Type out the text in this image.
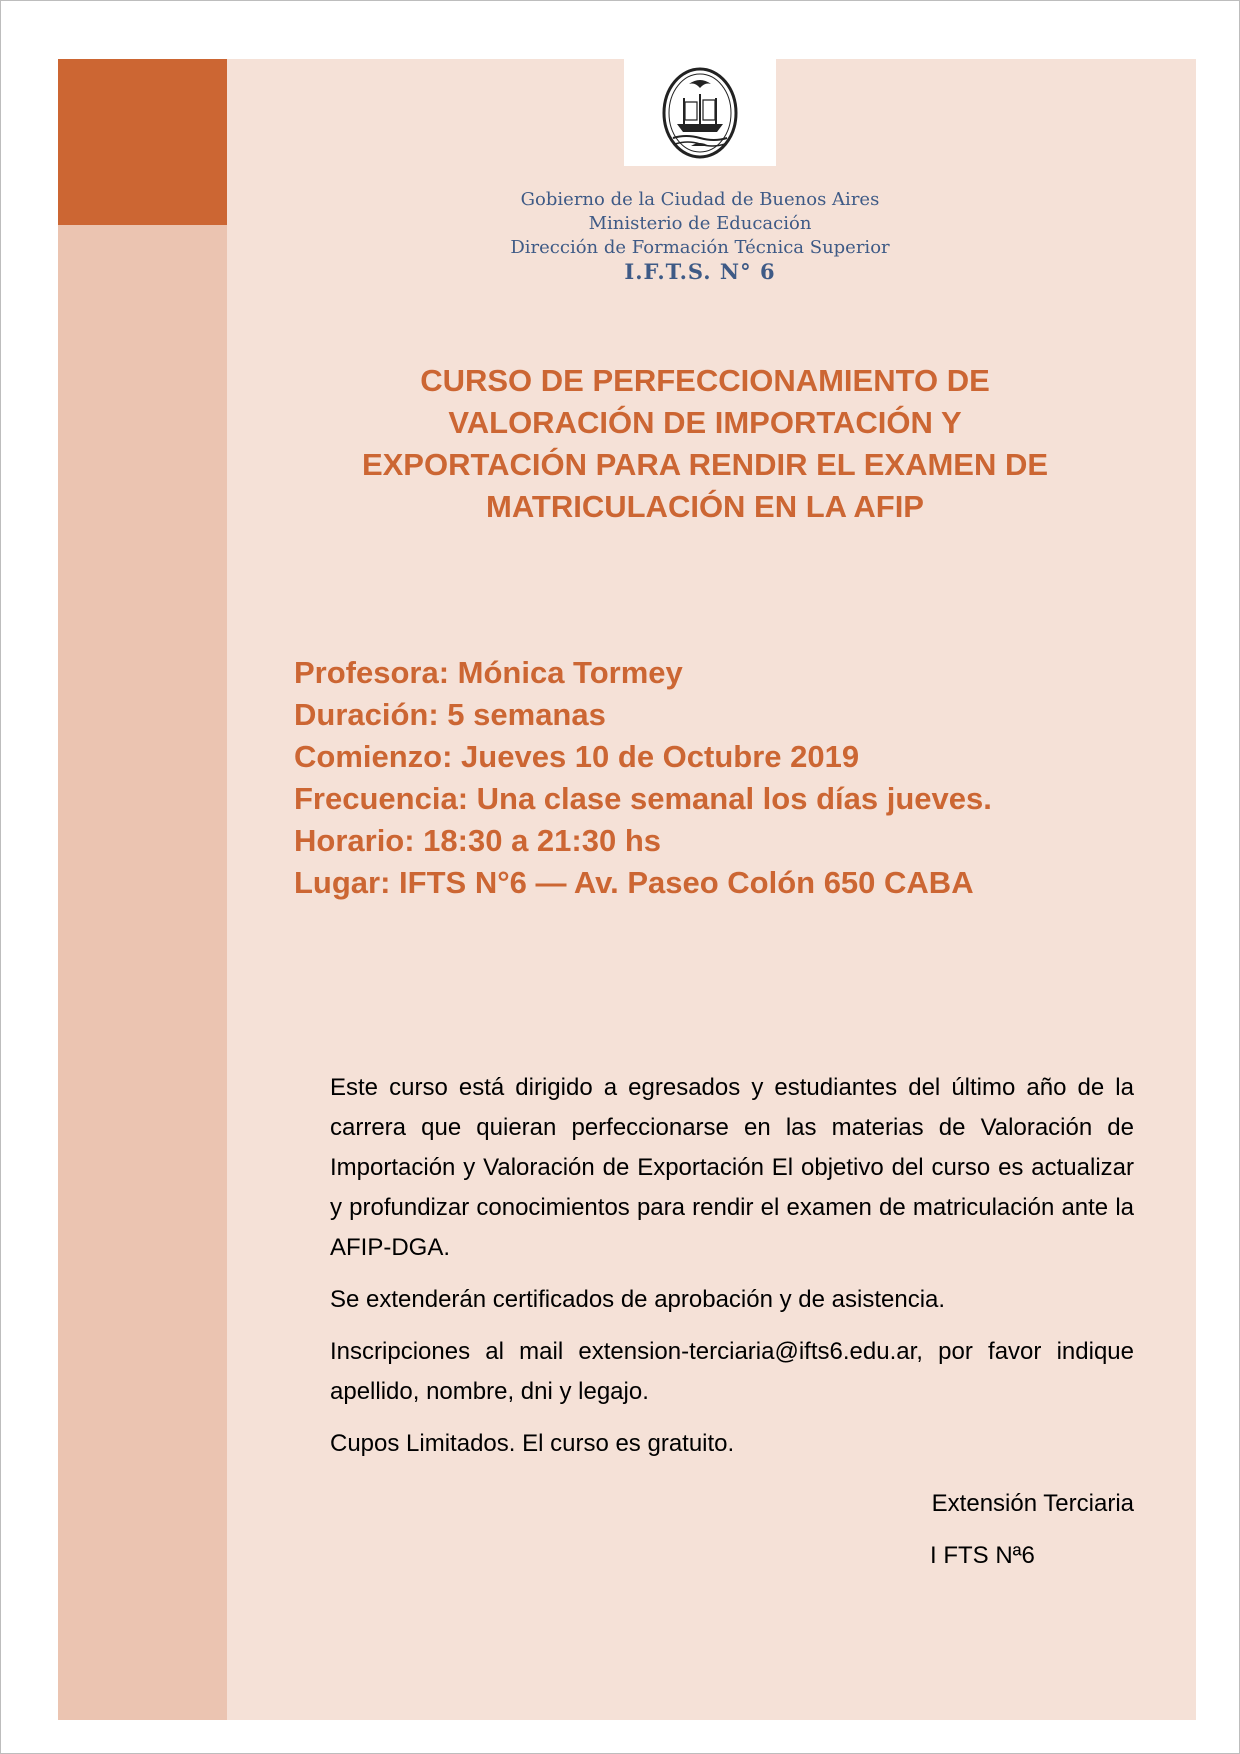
Gobierno de la Ciudad de Buenos Aires
Ministerio de Educación
Dirección de Formación Técnica Superior
I.F.T.S. N° 6
CURSO DE PERFECCIONAMIENTO DE
VALORACIÓN DE IMPORTACIÓN Y
EXPORTACIÓN PARA RENDIR EL EXAMEN DE
MATRICULACIÓN EN LA AFIP
Profesora: Mónica Tormey
Duración: 5 semanas
Comienzo: Jueves 10 de Octubre 2019
Frecuencia: Una clase semanal los días jueves.
Horario: 18:30 a 21:30 hs
Lugar: IFTS N°6 — Av. Paseo Colón 650 CABA

Este curso está dirigido a egresados y estudiantes del último año de la carrera que quieran perfeccionarse en las materias de Valoración de Importación y Valoración de Exportación El objetivo del curso es actualizar y profundizar conocimientos para rendir el examen de matriculación ante la AFIP-DGA.

Se extenderán certificados de aprobación y de asistencia.

Inscripciones al mail extension-terciaria@ifts6.edu.ar, por favor indique apellido, nombre, dni y legajo.

Cupos Limitados. El curso es gratuito.

Extensión Terciaria
I FTS Nª6
